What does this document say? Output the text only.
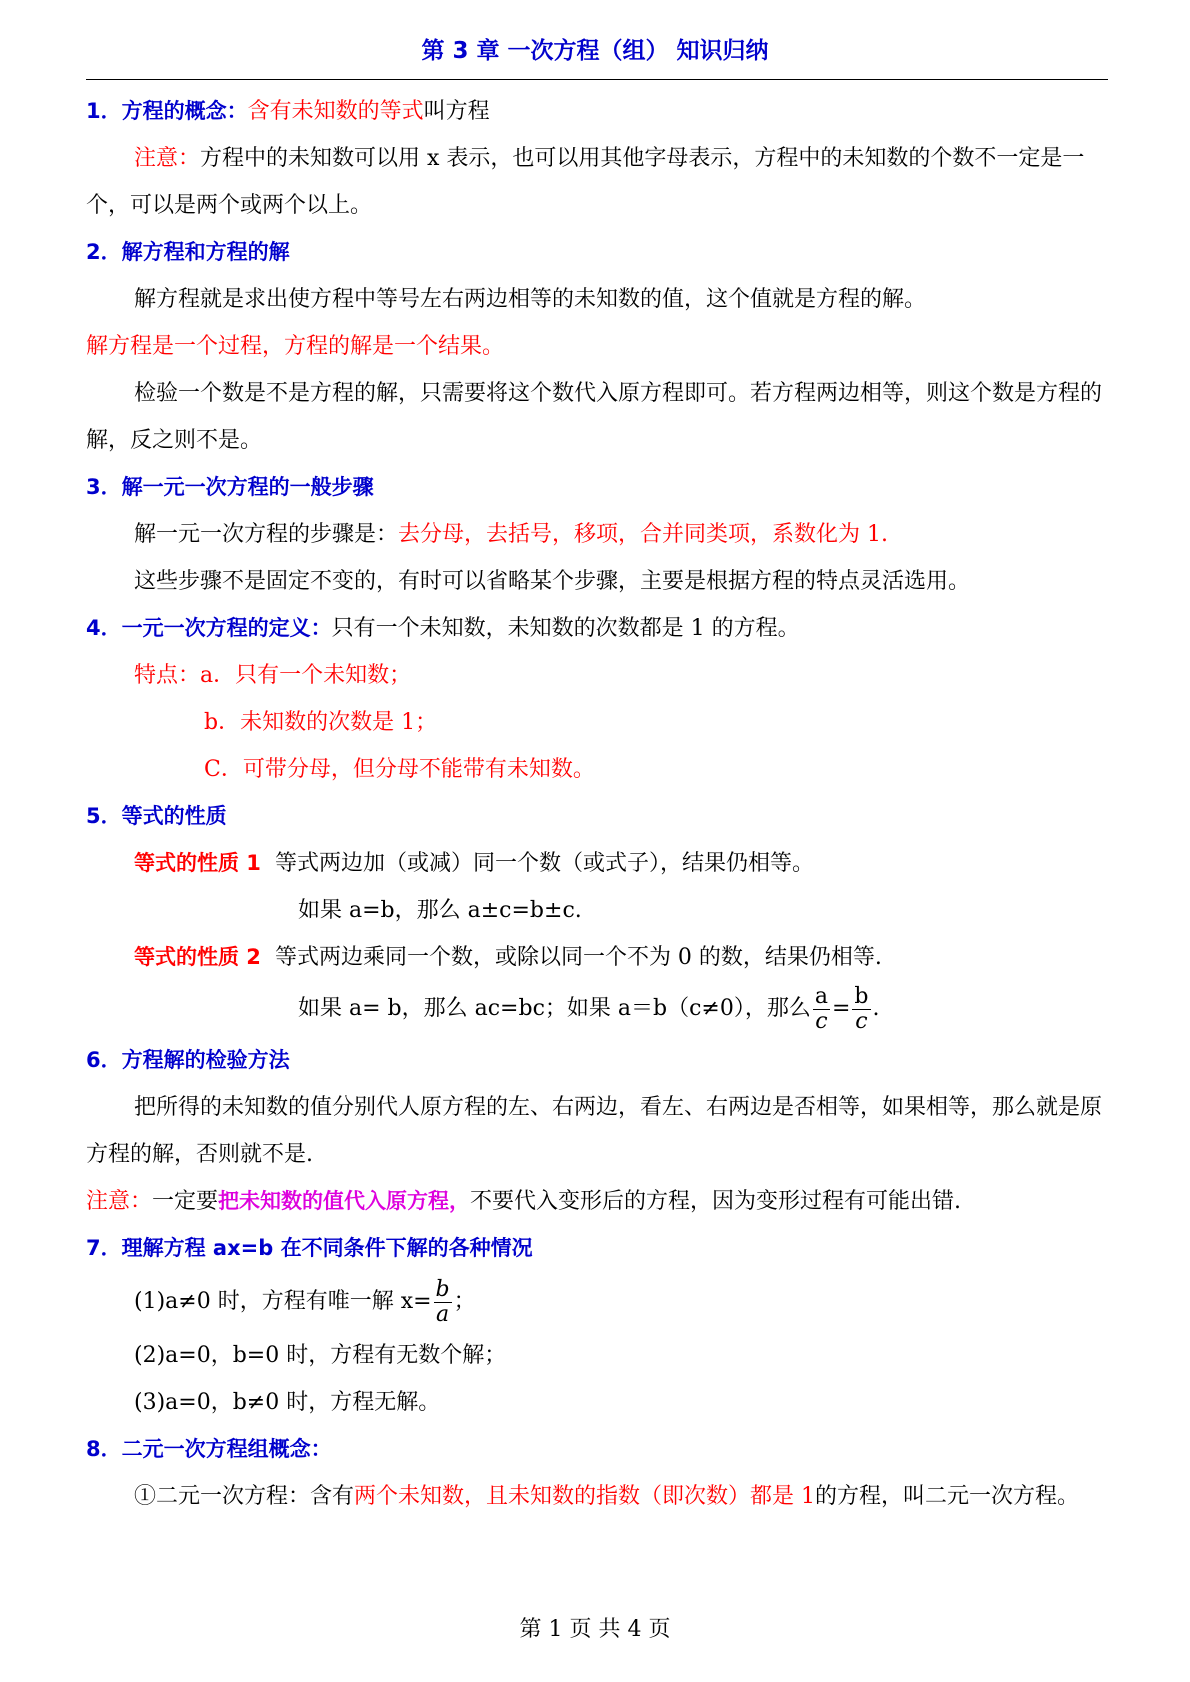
第 3 章 一次方程（组） 知识归纳

1．方程的概念：含有未知数的等式叫方程

注意：方程中的未知数可以用 x 表示，也可以用其他字母表示，方程中的未知数的个数不一定是一个，可以是两个或两个以上。

2．解方程和方程的解

解方程就是求出使方程中等号左右两边相等的未知数的值，这个值就是方程的解。

解方程是一个过程，方程的解是一个结果。

检验一个数是不是方程的解，只需要将这个数代入原方程即可。若方程两边相等，则这个数是方程的解，反之则不是。

3．解一元一次方程的一般步骤

解一元一次方程的步骤是：去分母，去括号，移项，合并同类项，系数化为 1.

这些步骤不是固定不变的，有时可以省略某个步骤，主要是根据方程的特点灵活选用。

4．一元一次方程的定义：只有一个未知数，未知数的次数都是 1 的方程。

特点：a．只有一个未知数；

b．未知数的次数是 1；

C．可带分母，但分母不能带有未知数。

5．等式的性质

等式的性质 1 等式两边加（或减）同一个数（或式子），结果仍相等。

如果 a=b，那么 a±c=b±c.

等式的性质 2 等式两边乘同一个数，或除以同一个不为 0 的数，结果仍相等.

如果 a= b，那么 ac=bc；如果 a＝b（c≠0），那么 $\frac{a}{c} = \frac{b}{c}$ .

6．方程解的检验方法

把所得的未知数的值分别代人原方程的左、右两边，看左、右两边是否相等，如果相等，那么就是原方程的解，否则就不是.

注意：一定要把未知数的值代入原方程，不要代入变形后的方程，因为变形过程有可能出错.

7．理解方程 ax=b 在不同条件下解的各种情况

(1)a≠0 时，方程有唯一解 $x= \frac{b}{a}$ ；

(2)a=0，b=0 时，方程有无数个解；

(3)a=0，b≠0 时，方程无解。

8．二元一次方程组概念：

①二元一次方程：含有两个未知数，且未知数的指数（即次数）都是 1的方程，叫二元一次方程。

第 1 页 共 4 页
